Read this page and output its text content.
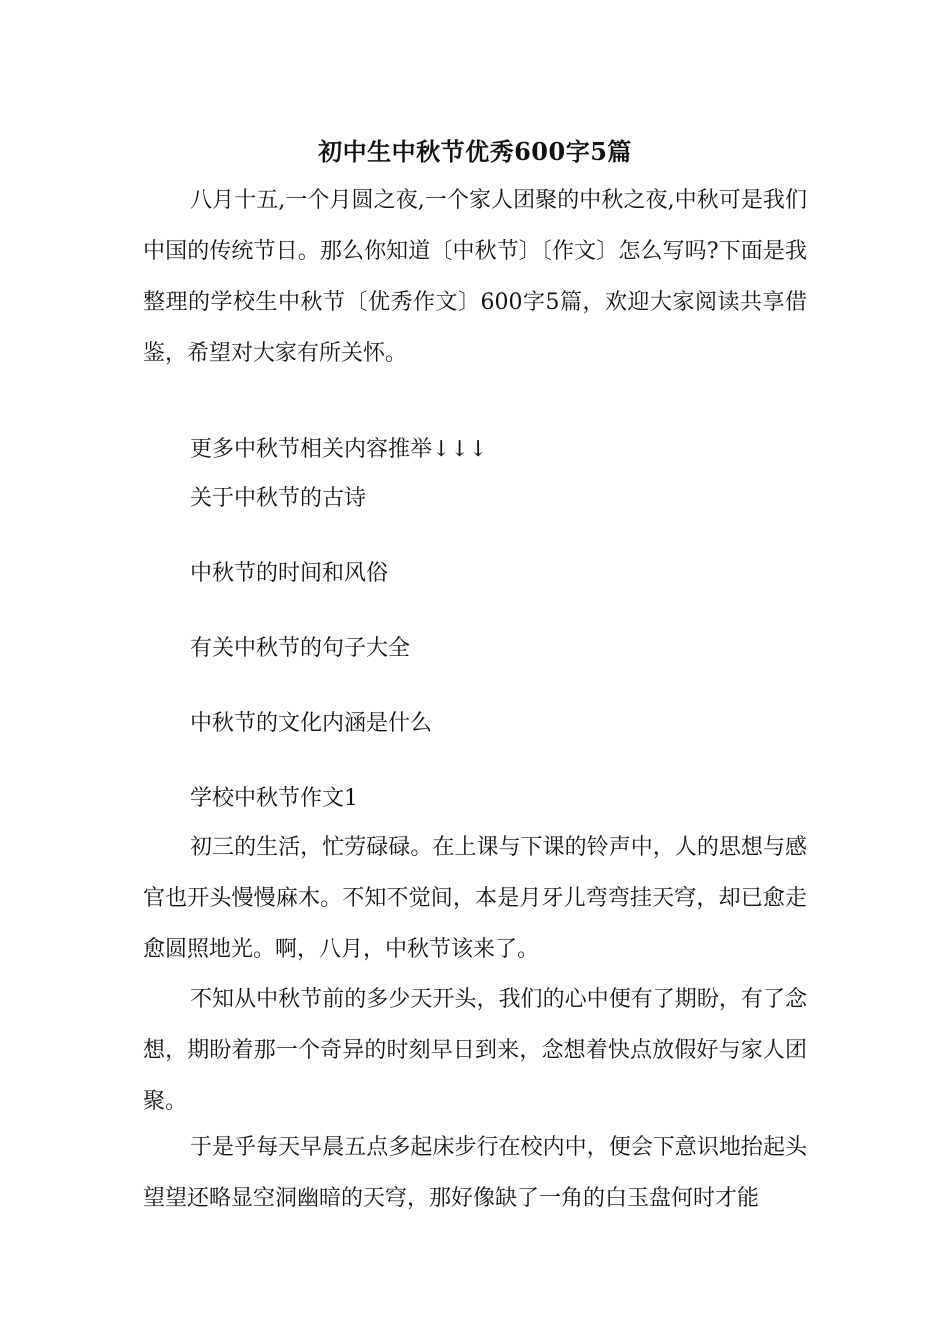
初中生中秋节优秀600字5篇

八月十五,一个月圆之夜,一个家人团聚的中秋之夜,中秋可是我们中国的传统节日。那么你知道〔中秋节〕〔作文〕怎么写吗?下面是我整理的学校生中秋节〔优秀作文〕600字5篇，欢迎大家阅读共享借鉴，希望对大家有所关怀。

更多中秋节相关内容推举↓↓↓

关于中秋节的古诗

中秋节的时间和风俗

有关中秋节的句子大全

中秋节的文化内涵是什么

学校中秋节作文1

初三的生活，忙劳碌碌。在上课与下课的铃声中，人的思想与感官也开头慢慢麻木。不知不觉间，本是月牙儿弯弯挂天穹，却已愈走愈圆照地光。啊，八月，中秋节该来了。

不知从中秋节前的多少天开头，我们的心中便有了期盼，有了念想，期盼着那一个奇异的时刻早日到来，念想着快点放假好与家人团聚。

于是乎每天早晨五点多起床步行在校内中，便会下意识地抬起头望望还略显空洞幽暗的天穹，那好像缺了一角的白玉盘何时才能
